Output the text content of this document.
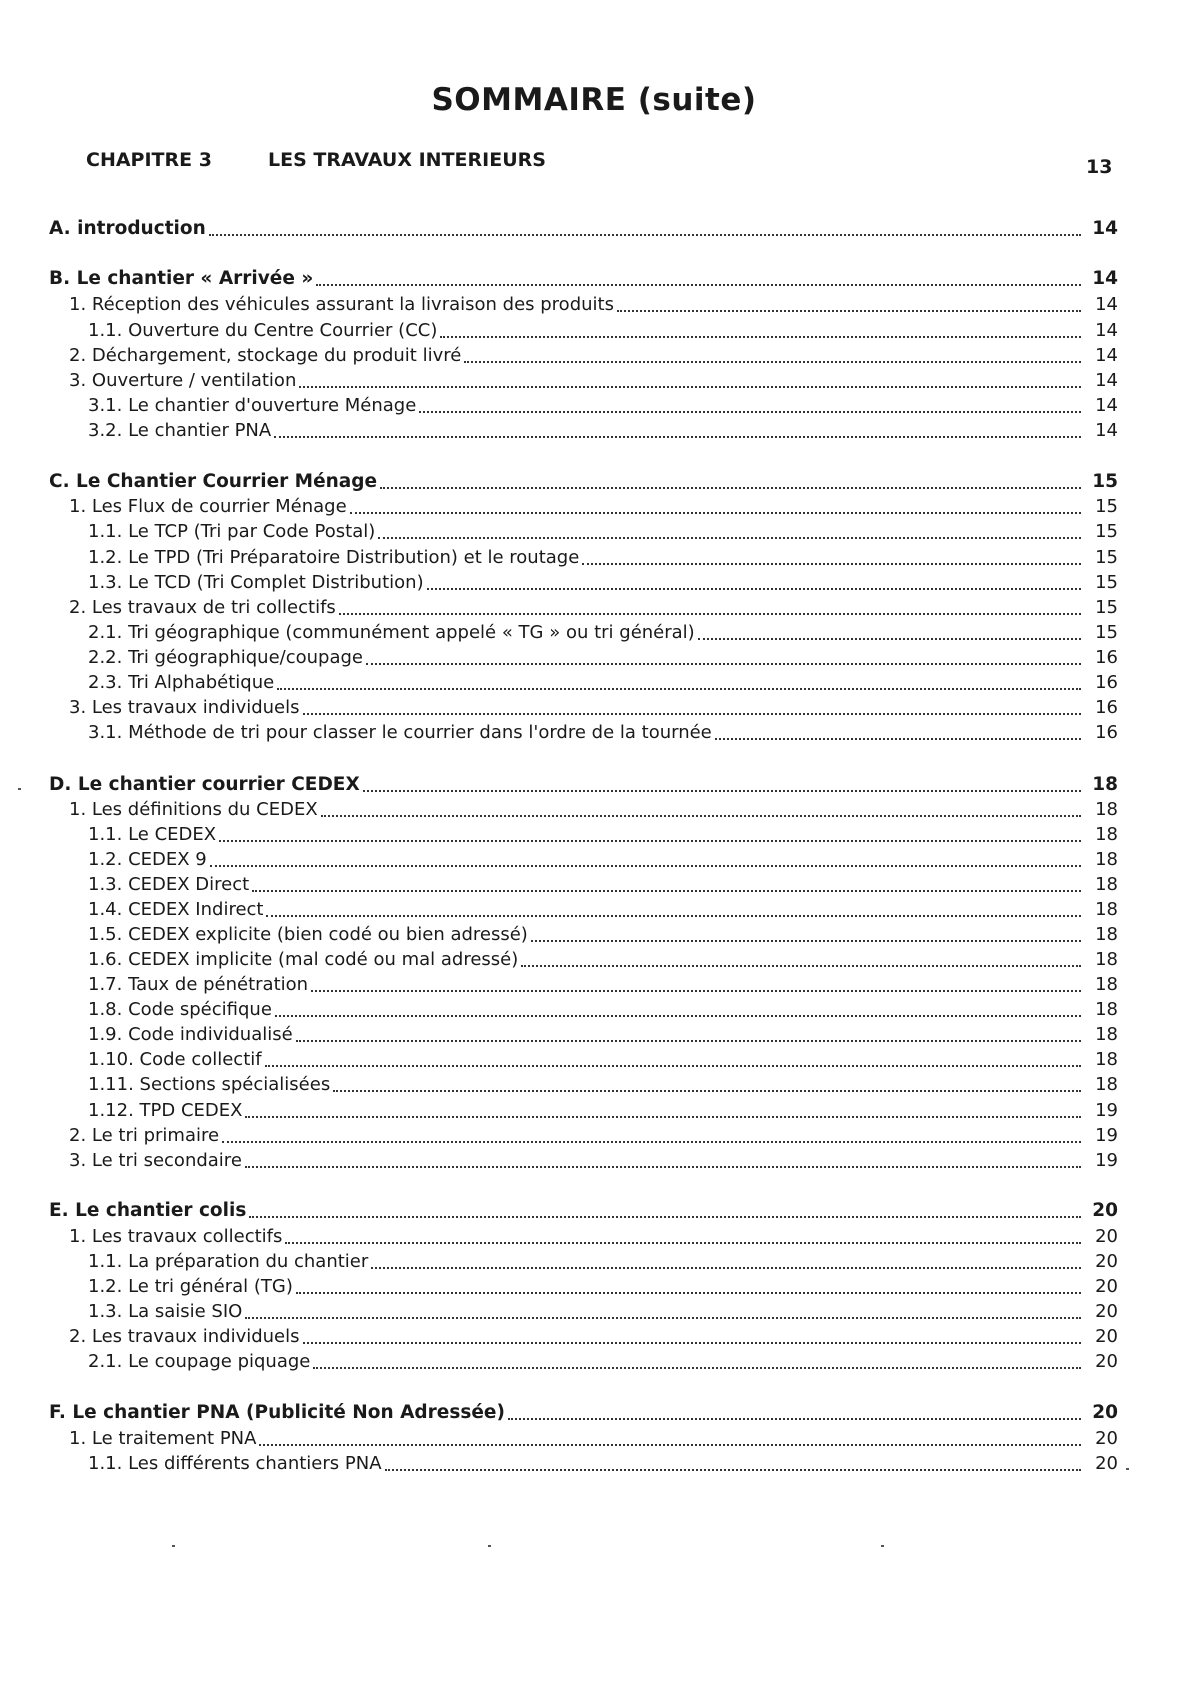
SOMMAIRE (suite)
CHAPITRE 3	LES TRAVAUX INTERIEURS	13
A. introduction	14
B. Le chantier « Arrivée »	14
1. Réception des véhicules assurant la livraison des produits	14
1.1. Ouverture du Centre Courrier (CC)	14
2. Déchargement, stockage du produit livré	14
3. Ouverture / ventilation	14
3.1. Le chantier d'ouverture Ménage	14
3.2. Le chantier PNA	14
C. Le Chantier Courrier Ménage	15
1. Les Flux de courrier Ménage	15
1.1. Le TCP (Tri par Code Postal)	15
1.2. Le TPD (Tri Préparatoire Distribution) et le routage	15
1.3. Le TCD (Tri Complet Distribution)	15
2. Les travaux de tri collectifs	15
2.1. Tri géographique (communément appelé « TG » ou tri général)	15
2.2. Tri géographique/coupage	16
2.3. Tri Alphabétique	16
3. Les travaux individuels	16
3.1. Méthode de tri pour classer le courrier dans l'ordre de la tournée	16
D. Le chantier courrier CEDEX	18
1. Les définitions du CEDEX	18
1.1. Le CEDEX	18
1.2. CEDEX 9	18
1.3. CEDEX Direct	18
1.4. CEDEX Indirect	18
1.5. CEDEX explicite (bien codé ou bien adressé)	18
1.6. CEDEX implicite (mal codé ou mal adressé)	18
1.7. Taux de pénétration	18
1.8. Code spécifique	18
1.9. Code individualisé	18
1.10. Code collectif	18
1.11. Sections spécialisées	18
1.12. TPD CEDEX	19
2. Le tri primaire	19
3. Le tri secondaire	19
E. Le chantier colis	20
1. Les travaux collectifs	20
1.1. La préparation du chantier	20
1.2. Le tri général (TG)	20
1.3. La saisie SIO	20
2. Les travaux individuels	20
2.1. Le coupage piquage	20
F. Le chantier PNA (Publicité Non Adressée)	20
1. Le traitement PNA	20
1.1. Les différents chantiers PNA	20
